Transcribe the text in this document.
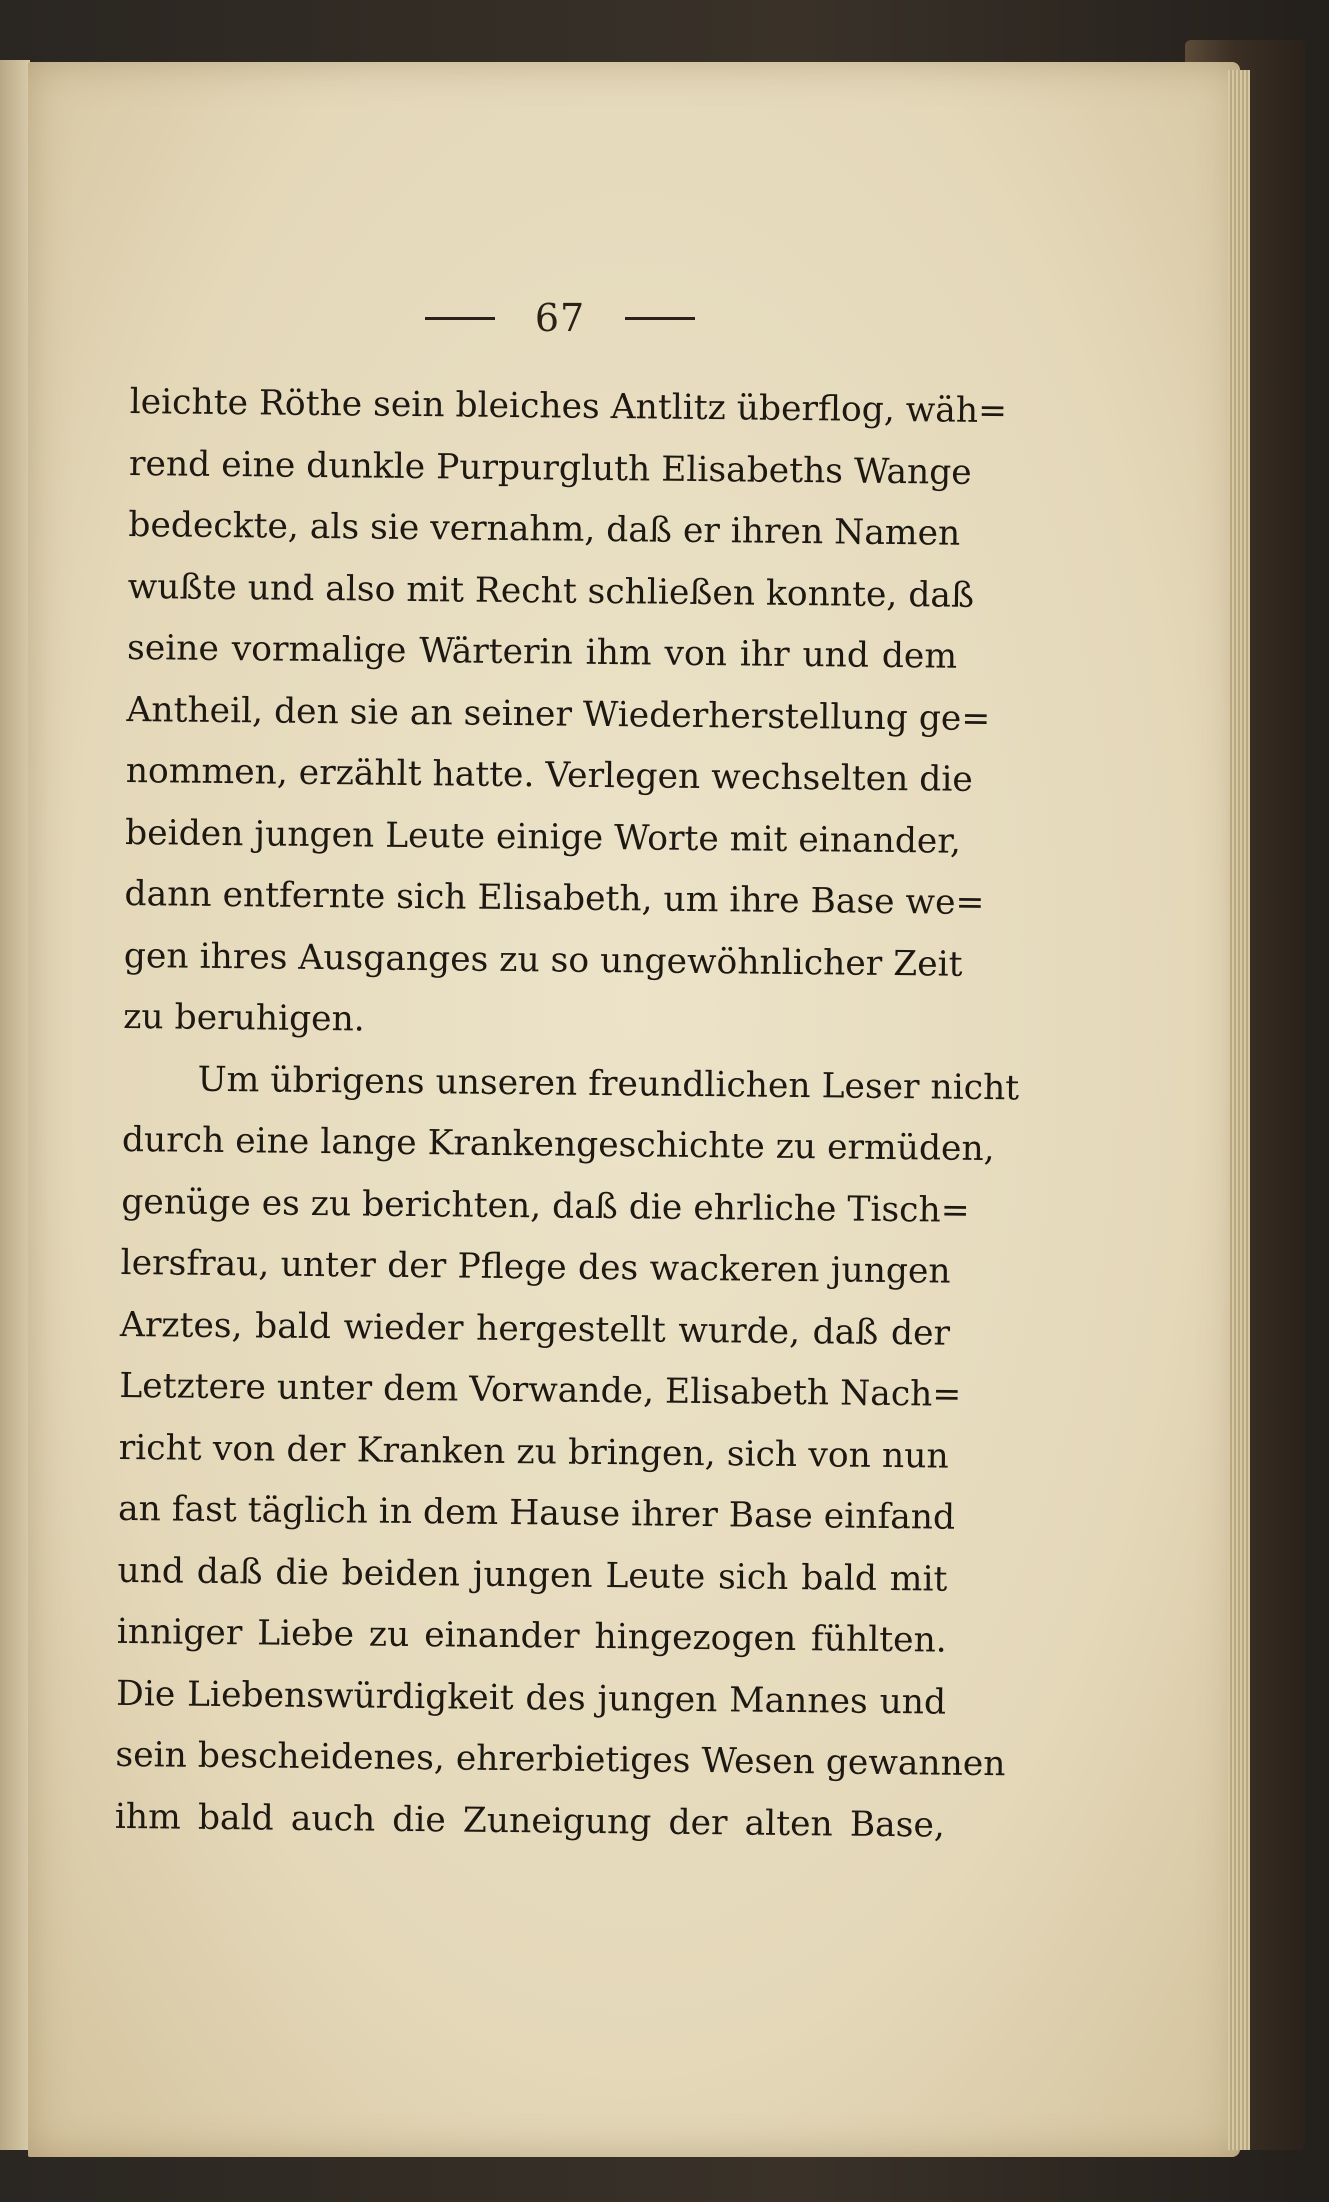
67
leichte Röthe sein bleiches Antlitz überflog, wäh=
rend eine dunkle Purpurgluth Elisabeths Wange
bedeckte, als sie vernahm, daß er ihren Namen
wußte und also mit Recht schließen konnte, daß
seine vormalige Wärterin ihm von ihr und dem
Antheil, den sie an seiner Wiederherstellung ge=
nommen, erzählt hatte. Verlegen wechselten die
beiden jungen Leute einige Worte mit einander,
dann entfernte sich Elisabeth, um ihre Base we=
gen ihres Ausganges zu so ungewöhnlicher Zeit
zu beruhigen.
Um übrigens unseren freundlichen Leser nicht
durch eine lange Krankengeschichte zu ermüden,
genüge es zu berichten, daß die ehrliche Tisch=
lersfrau, unter der Pflege des wackeren jungen
Arztes, bald wieder hergestellt wurde, daß der
Letztere unter dem Vorwande, Elisabeth Nach=
richt von der Kranken zu bringen, sich von nun
an fast täglich in dem Hause ihrer Base einfand
und daß die beiden jungen Leute sich bald mit
inniger Liebe zu einander hingezogen fühlten.
Die Liebenswürdigkeit des jungen Mannes und
sein bescheidenes, ehrerbietiges Wesen gewannen
ihm bald auch die Zuneigung der alten Base,
